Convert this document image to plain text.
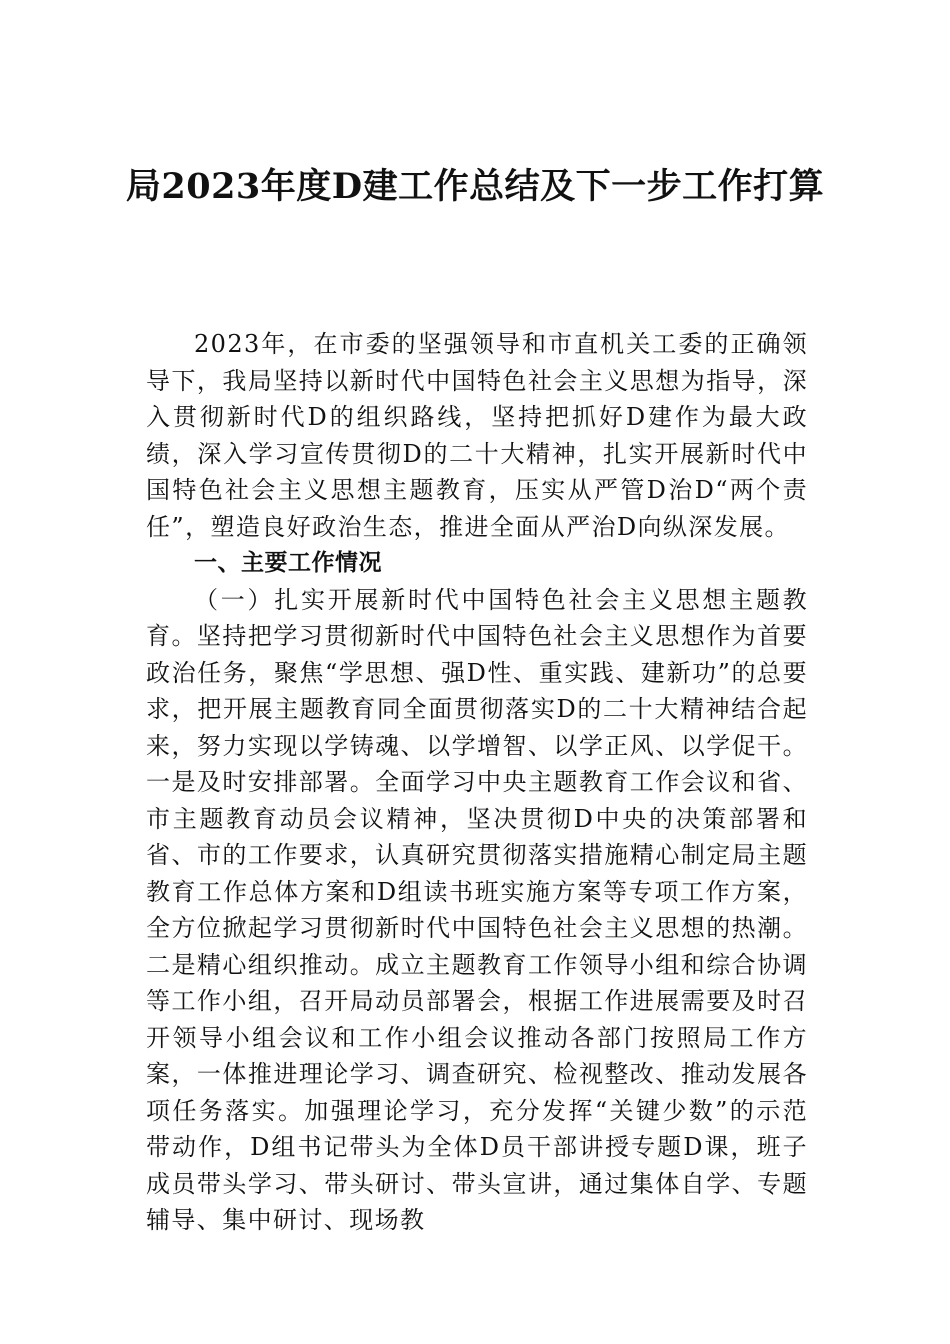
局2023年度D建工作总结及下一步工作打算

2023年，在市委的坚强领导和市直机关工委的正确领导下，我局坚持以新时代中国特色社会主义思想为指导，深入贯彻新时代D的组织路线，坚持把抓好D建作为最大政绩，深入学习宣传贯彻D的二十大精神，扎实开展新时代中国特色社会主义思想主题教育，压实从严管D治D“两个责任”，塑造良好政治生态，推进全面从严治D向纵深发展。

一、主要工作情况

（一）扎实开展新时代中国特色社会主义思想主题教育。坚持把学习贯彻新时代中国特色社会主义思想作为首要政治任务，聚焦“学思想、强D性、重实践、建新功”的总要求，把开展主题教育同全面贯彻落实D的二十大精神结合起来，努力实现以学铸魂、以学增智、以学正风、以学促干。一是及时安排部署。全面学习中央主题教育工作会议和省、市主题教育动员会议精神，坚决贯彻D中央的决策部署和省、市的工作要求，认真研究贯彻落实措施精心制定局主题教育工作总体方案和D组读书班实施方案等专项工作方案，全方位掀起学习贯彻新时代中国特色社会主义思想的热潮。二是精心组织推动。成立主题教育工作领导小组和综合协调等工作小组，召开局动员部署会，根据工作进展需要及时召开领导小组会议和工作小组会议推动各部门按照局工作方案，一体推进理论学习、调查研究、检视整改、推动发展各项任务落实。加强理论学习，充分发挥“关键少数”的示范带动作，D组书记带头为全体D员干部讲授专题D课，班子成员带头学习、带头研讨、带头宣讲，通过集体自学、专题辅导、集中研讨、现场教
